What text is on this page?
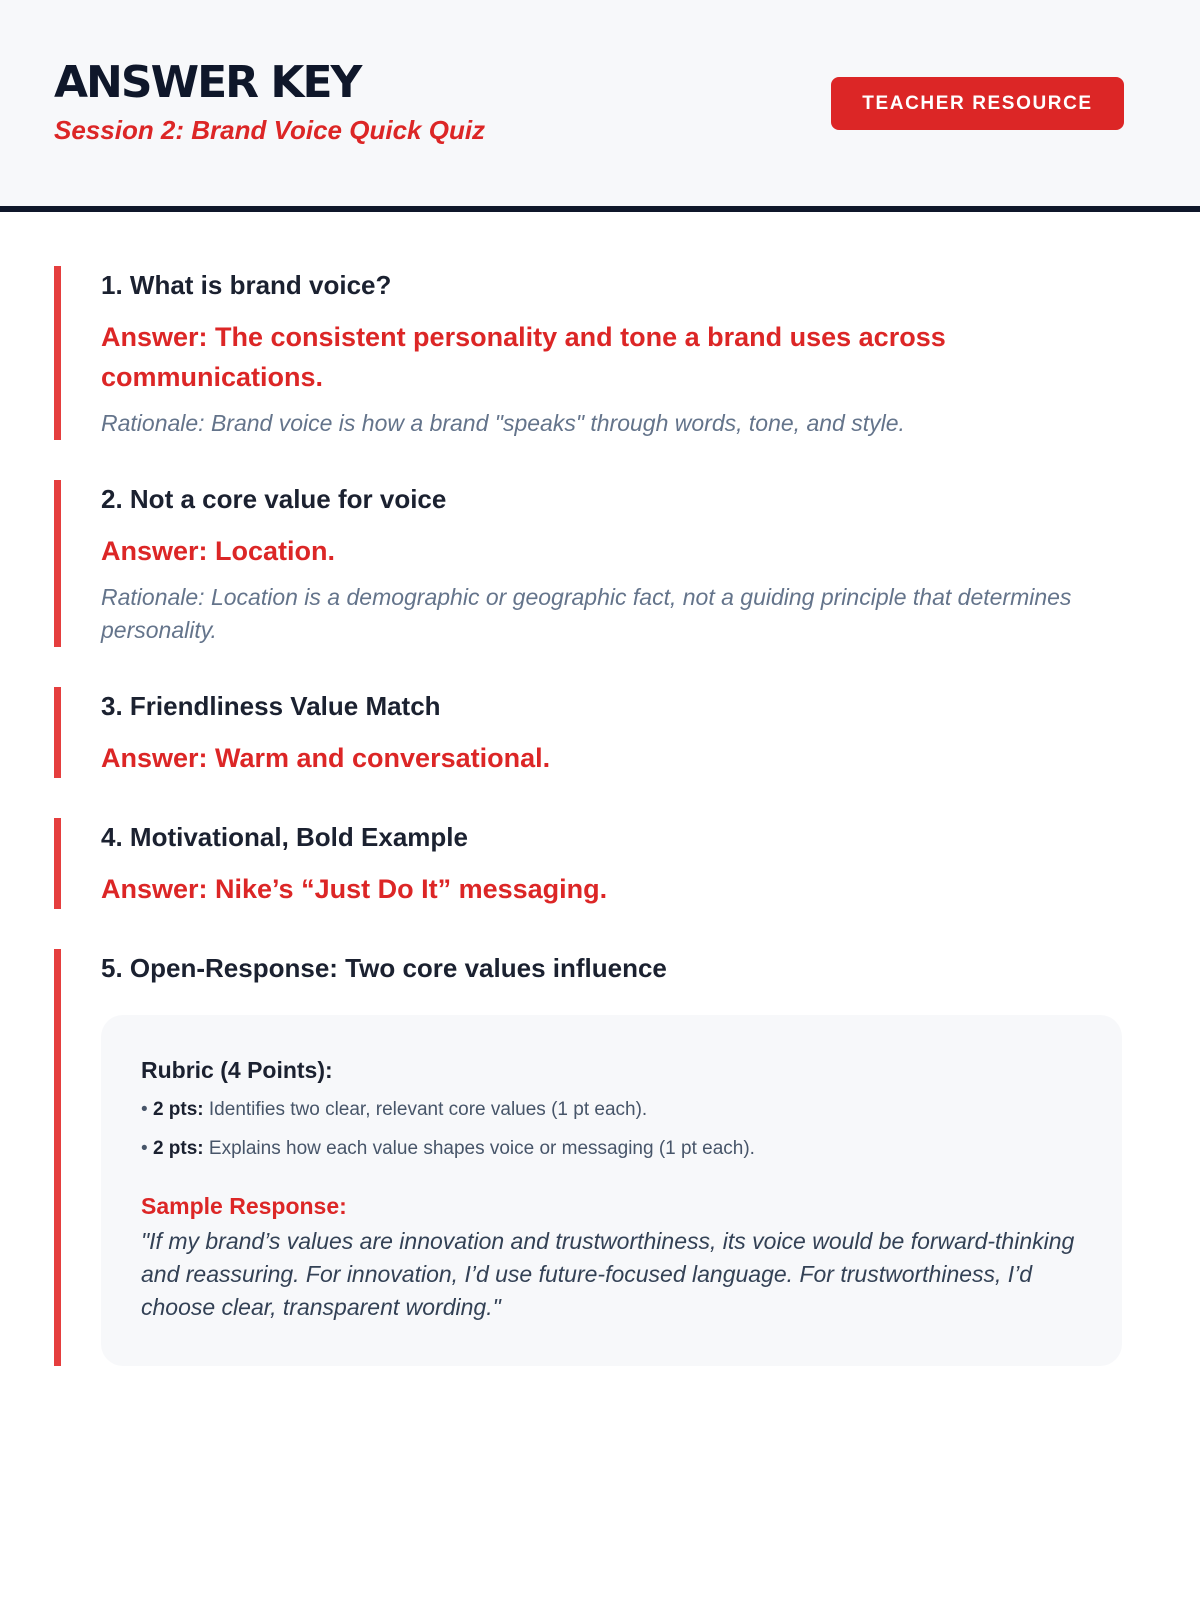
ANSWER KEY
Session 2: Brand Voice Quick Quiz
TEACHER RESOURCE
1. What is brand voice?
Answer: The consistent personality and tone a brand uses across communications.
Rationale: Brand voice is how a brand "speaks" through words, tone, and style.
2. Not a core value for voice
Answer: Location.
Rationale: Location is a demographic or geographic fact, not a guiding principle that determines personality.
3. Friendliness Value Match
Answer: Warm and conversational.
4. Motivational, Bold Example
Answer: Nike’s “Just Do It” messaging.
5. Open-Response: Two core values influence
Rubric (4 Points):
• 2 pts: Identifies two clear, relevant core values (1 pt each).
• 2 pts: Explains how each value shapes voice or messaging (1 pt each).
Sample Response:
"If my brand’s values are innovation and trustworthiness, its voice would be forward-thinking and reassuring. For innovation, I’d use future-focused language. For trustworthiness, I’d choose clear, transparent wording."
